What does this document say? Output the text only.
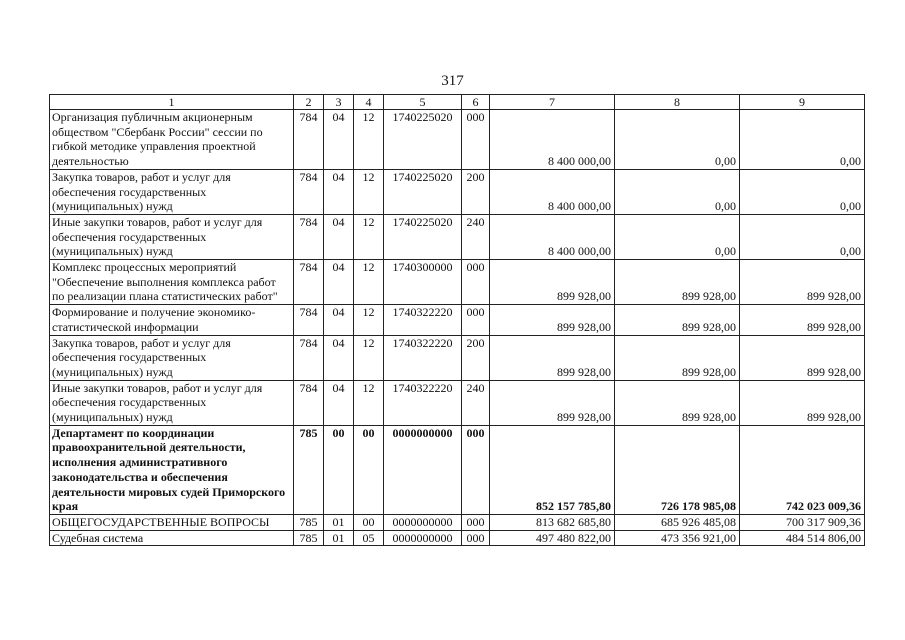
317
1	2	3	4	5	6	7	8	9
Организация публичным акционерным обществом "Сбербанк России" сессии по гибкой методике управления проектной деятельностью	784	04	12	1740225020	000	8 400 000,00	0,00	0,00
Закупка товаров, работ и услуг для обеспечения государственных (муниципальных) нужд	784	04	12	1740225020	200	8 400 000,00	0,00	0,00
Иные закупки товаров, работ и услуг для обеспечения государственных (муниципальных) нужд	784	04	12	1740225020	240	8 400 000,00	0,00	0,00
Комплекс процессных мероприятий "Обеспечение выполнения комплекса работ по реализации плана статистических работ"	784	04	12	1740300000	000	899 928,00	899 928,00	899 928,00
Формирование и получение экономико-статистической информации	784	04	12	1740322220	000	899 928,00	899 928,00	899 928,00
Закупка товаров, работ и услуг для обеспечения государственных (муниципальных) нужд	784	04	12	1740322220	200	899 928,00	899 928,00	899 928,00
Иные закупки товаров, работ и услуг для обеспечения государственных (муниципальных) нужд	784	04	12	1740322220	240	899 928,00	899 928,00	899 928,00
Департамент по координации правоохранительной деятельности, исполнения административного законодательства и обеспечения деятельности мировых судей Приморского края	785	00	00	0000000000	000	852 157 785,80	726 178 985,08	742 023 009,36
ОБЩЕГОСУДАРСТВЕННЫЕ ВОПРОСЫ	785	01	00	0000000000	000	813 682 685,80	685 926 485,08	700 317 909,36
Судебная система	785	01	05	0000000000	000	497 480 822,00	473 356 921,00	484 514 806,00
